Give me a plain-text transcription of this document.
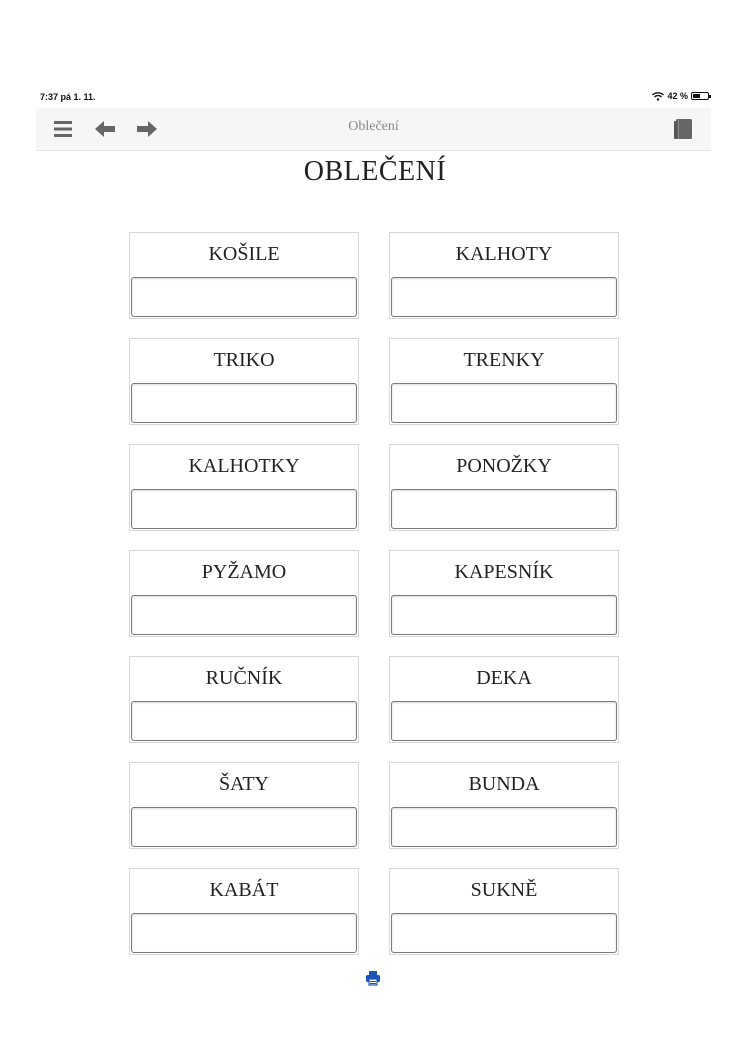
7:37 pá 1. 11.	42 %
Oblečení
OBLEČENÍ
KOŠILE	KALHOTY
TRIKO	TRENKY
KALHOTKY	PONOŽKY
PYŽAMO	KAPESNÍK
RUČNÍK	DEKA
ŠATY	BUNDA
KABÁT	SUKNĚ
